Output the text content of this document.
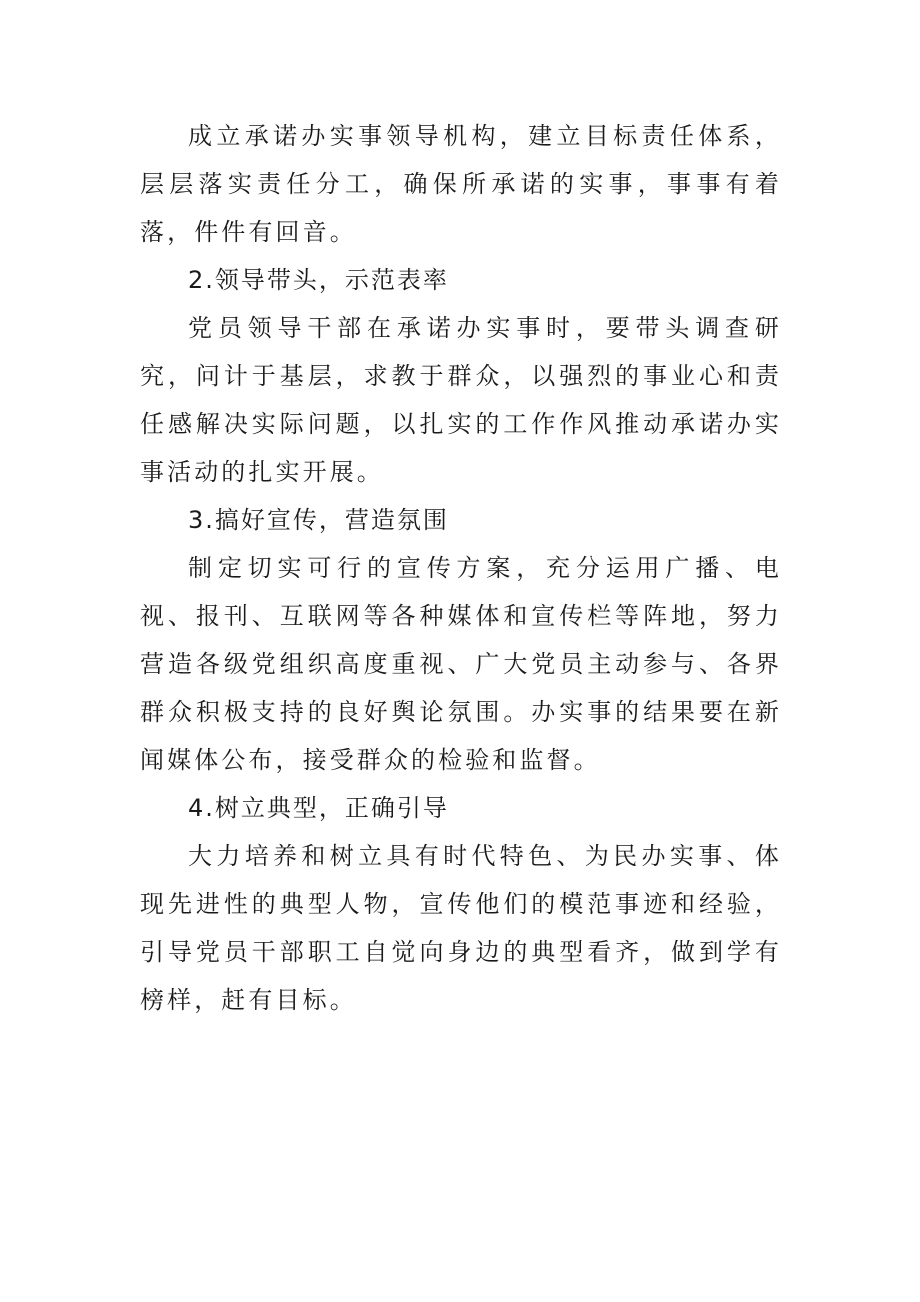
成立承诺办实事领导机构，建立目标责任体系，层层落实责任分工，确保所承诺的实事，事事有着落，件件有回音。

2.领导带头，示范表率

党员领导干部在承诺办实事时，要带头调查研究，问计于基层，求教于群众，以强烈的事业心和责任感解决实际问题，以扎实的工作作风推动承诺办实事活动的扎实开展。

3.搞好宣传，营造氛围

制定切实可行的宣传方案，充分运用广播、电视、报刊、互联网等各种媒体和宣传栏等阵地，努力营造各级党组织高度重视、广大党员主动参与、各界群众积极支持的良好舆论氛围。办实事的结果要在新闻媒体公布，接受群众的检验和监督。

4.树立典型，正确引导

大力培养和树立具有时代特色、为民办实事、体现先进性的典型人物，宣传他们的模范事迹和经验，引导党员干部职工自觉向身边的典型看齐，做到学有榜样，赶有目标。
